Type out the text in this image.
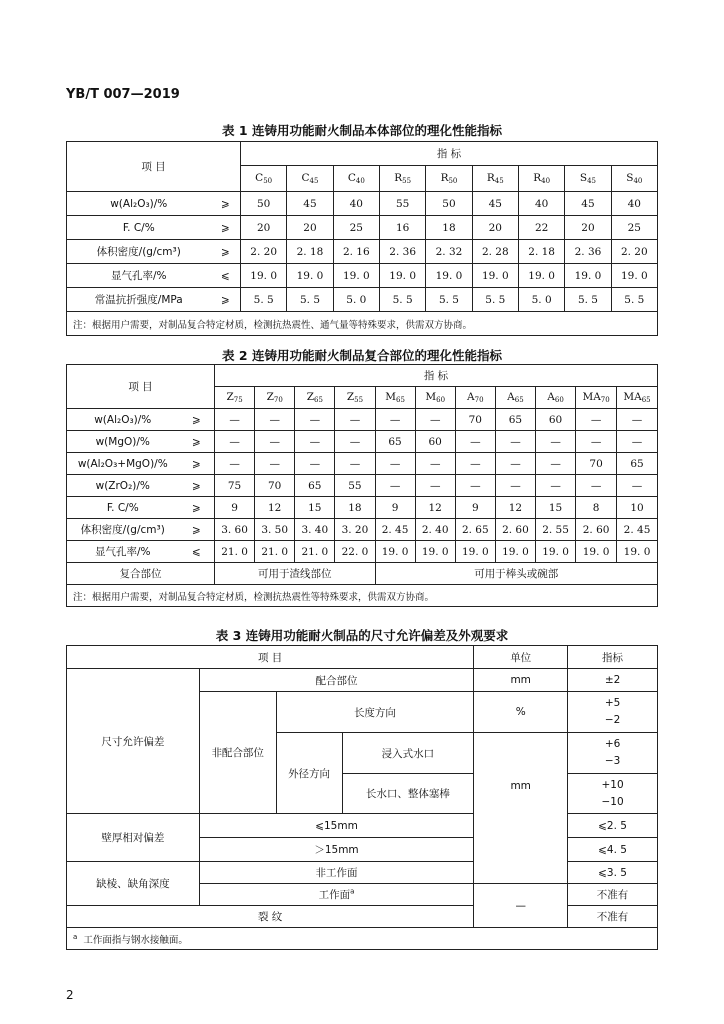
YB/T 007—2019
表 1 连铸用功能耐火制品本体部位的理化性能指标
项 目		指 标								
		$C_{50}$	$C_{45}$	$C_{40}$	$R_{55}$	$R_{50}$	$R_{45}$	$R_{40}$	$S_{45}$	$S_{40}$
w(Al₂O₃)/%	⩾	50	45	40	55	50	45	40	45	40
F. C/%	⩾	20	20	25	16	18	20	22	20	25
体积密度/(g/cm³)	⩾	2. 20	2. 18	2. 16	2. 36	2. 32	2. 28	2. 18	2. 36	2. 20
显气孔率/%	⩽	19. 0	19. 0	19. 0	19. 0	19. 0	19. 0	19. 0	19. 0	19. 0
常温抗折强度/MPa	⩾	5. 5	5. 5	5. 0	5. 5	5. 5	5. 5	5. 0	5. 5	5. 5
注：根据用户需要，对制品复合特定材质，检测抗热震性、通气量等特殊要求，供需双方协商。										
表 2 连铸用功能耐火制品复合部位的理化性能指标
项 目		指 标										
		$Z_{75}$	$Z_{70}$	$Z_{65}$	$Z_{55}$	$M_{65}$	$M_{60}$	$A_{70}$	$A_{65}$	$A_{60}$	$MA_{70}$	$MA_{65}$
w(Al₂O₃)/%	⩾	—	—	—	—	—	—	70	65	60	—	—
w(MgO)/%	⩾	—	—	—	—	65	60	—	—	—	—	—
w(Al₂O₃+MgO)/%	⩾	—	—	—	—	—	—	—	—	—	70	65
w(ZrO₂)/%	⩾	75	70	65	55	—	—	—	—	—	—	—
F. C/%	⩾	9	12	15	18	9	12	9	12	15	8	10
体积密度/(g/cm³)	⩾	3. 60	3. 50	3. 40	3. 20	2. 45	2. 40	2. 65	2. 60	2. 55	2. 60	2. 45
显气孔率/%	⩽	21. 0	21. 0	21. 0	22. 0	19. 0	19. 0	19. 0	19. 0	19. 0	19. 0	19. 0
复合部位		可用于渣线部位				可用于棒头或碗部						
注：根据用户需要，对制品复合特定材质，检测抗热震性等特殊要求，供需双方协商。												
表 3 连铸用功能耐火制品的尺寸允许偏差及外观要求
项 目				单位	指标
尺寸允许偏差	配合部位			mm	±2
	非配合部位	长度方向		%	+5
−2
		外径方向	浸入式水口		+6
−3
			长水口、整体塞棒	mm	+10
−10

壁厚相对偏差	⩽15mm				⩽2. 5
	＞15mm				⩽4. 5
缺棱、缺角深度	非工作面				⩽3. 5
	工作面$^a$			—	不准有
裂 纹					不准有
$^a$ 工作面指与钢水接触面。					
2
